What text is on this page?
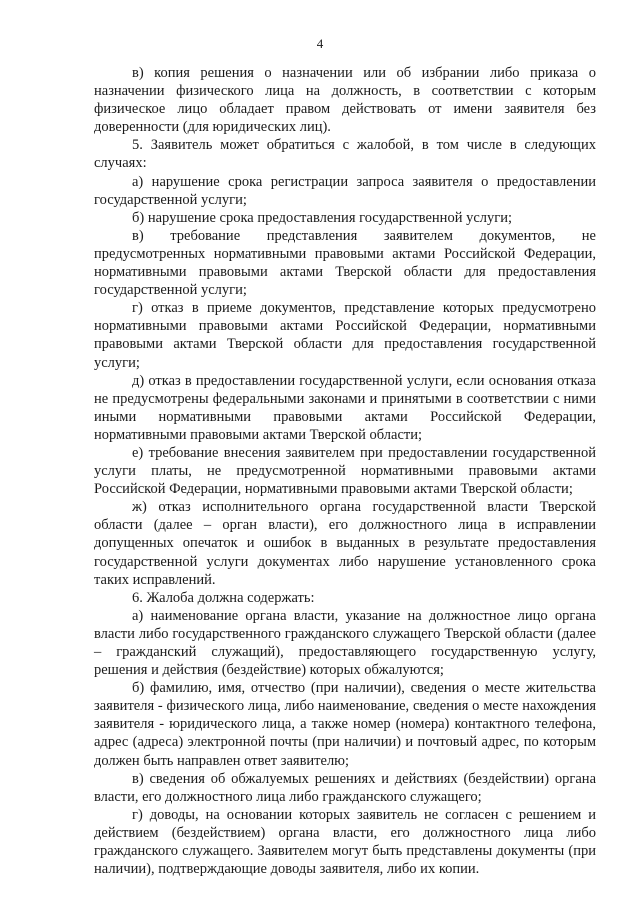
4

в) копия решения о назначении или об избрании либо приказа о назначении физического лица на должность, в соответствии с которым физическое лицо обладает правом действовать от имени заявителя без доверенности (для юридических лиц).

5. Заявитель может обратиться с жалобой, в том числе в следующих случаях:

а) нарушение срока регистрации запроса заявителя о предоставлении государственной услуги;

б) нарушение срока предоставления государственной услуги;

в) требование представления заявителем документов, не предусмотренных нормативными правовыми актами Российской Федерации, нормативными правовыми актами Тверской области для предоставления государственной услуги;

г) отказ в приеме документов, представление которых предусмотрено нормативными правовыми актами Российской Федерации, нормативными правовыми актами Тверской области для предоставления государственной услуги;

д) отказ в предоставлении государственной услуги, если основания отказа не предусмотрены федеральными законами и принятыми в соответствии с ними иными нормативными правовыми актами Российской Федерации, нормативными правовыми актами Тверской области;

е) требование внесения заявителем при предоставлении государственной услуги платы, не предусмотренной нормативными правовыми актами Российской Федерации, нормативными правовыми актами Тверской области;

ж) отказ исполнительного органа государственной власти Тверской области (далее – орган власти), его должностного лица в исправлении допущенных опечаток и ошибок в выданных в результате предоставления государственной услуги документах либо нарушение установленного срока таких исправлений.

6. Жалоба должна содержать:

а) наименование органа власти, указание на должностное лицо органа власти либо государственного гражданского служащего Тверской области (далее – гражданский служащий), предоставляющего государственную услугу, решения и действия (бездействие) которых обжалуются;

б) фамилию, имя, отчество (при наличии), сведения о месте жительства заявителя - физического лица, либо наименование, сведения о месте нахождения заявителя - юридического лица, а также номер (номера) контактного телефона, адрес (адреса) электронной почты (при наличии) и почтовый адрес, по которым должен быть направлен ответ заявителю;

в) сведения об обжалуемых решениях и действиях (бездействии) органа власти, его должностного лица либо гражданского служащего;

г) доводы, на основании которых заявитель не согласен с решением и действием (бездействием) органа власти, его должностного лица либо гражданского служащего. Заявителем могут быть представлены документы (при наличии), подтверждающие доводы заявителя, либо их копии.
